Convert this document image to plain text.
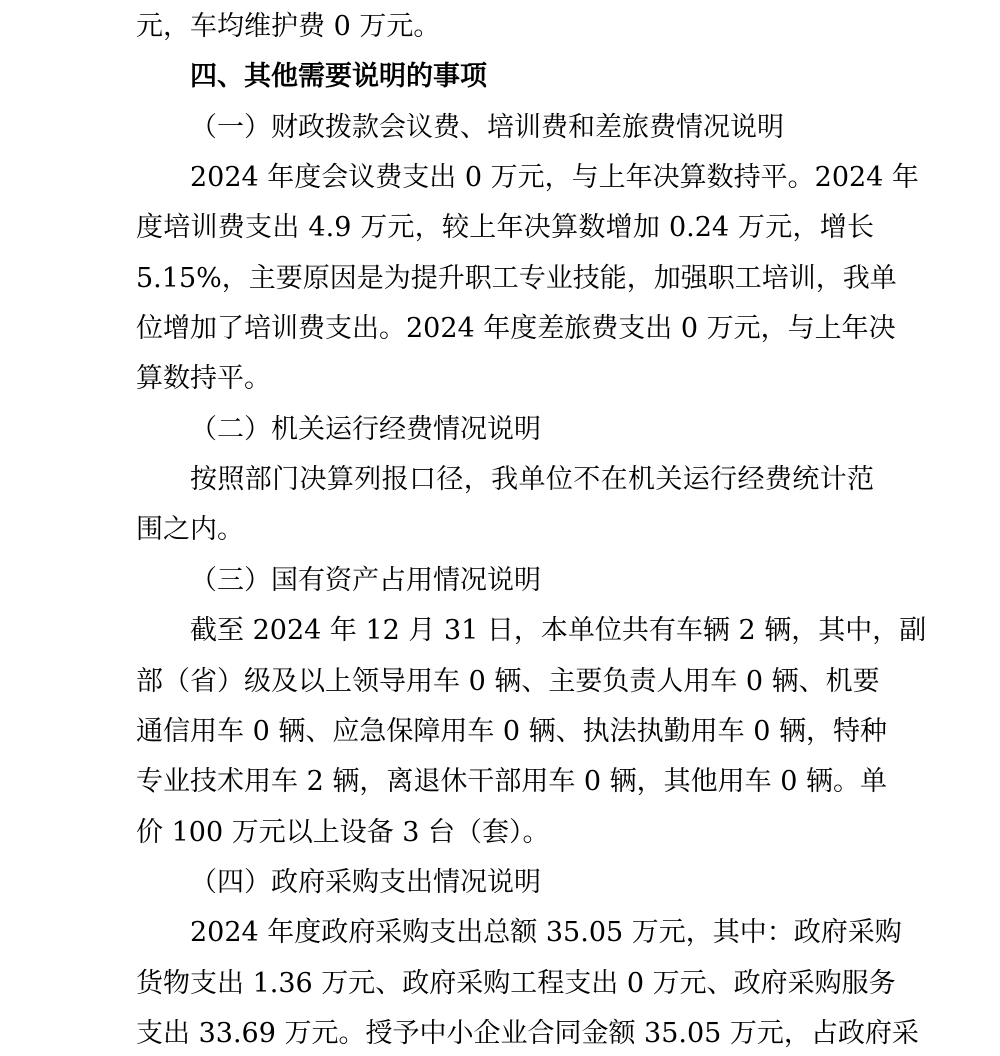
元，车均维护费 0 万元。
四、其他需要说明的事项
（一）财政拨款会议费、培训费和差旅费情况说明
2024 年度会议费支出 0 万元，与上年决算数持平。2024 年
度培训费支出 4.9 万元，较上年决算数增加 0.24 万元，增长
5.15%，主要原因是为提升职工专业技能，加强职工培训，我单
位增加了培训费支出。2024 年度差旅费支出 0 万元，与上年决
算数持平。
（二）机关运行经费情况说明
按照部门决算列报口径，我单位不在机关运行经费统计范
围之内。
（三）国有资产占用情况说明
截至 2024 年 12 月 31 日，本单位共有车辆 2 辆，其中，副
部（省）级及以上领导用车 0 辆、主要负责人用车 0 辆、机要
通信用车 0 辆、应急保障用车 0 辆、执法执勤用车 0 辆，特种
专业技术用车 2 辆，离退休干部用车 0 辆，其他用车 0 辆。单
价 100 万元以上设备 3 台（套）。
（四）政府采购支出情况说明
2024 年度政府采购支出总额 35.05 万元，其中：政府采购
货物支出 1.36 万元、政府采购工程支出 0 万元、政府采购服务
支出 33.69 万元。授予中小企业合同金额 35.05 万元，占政府采
